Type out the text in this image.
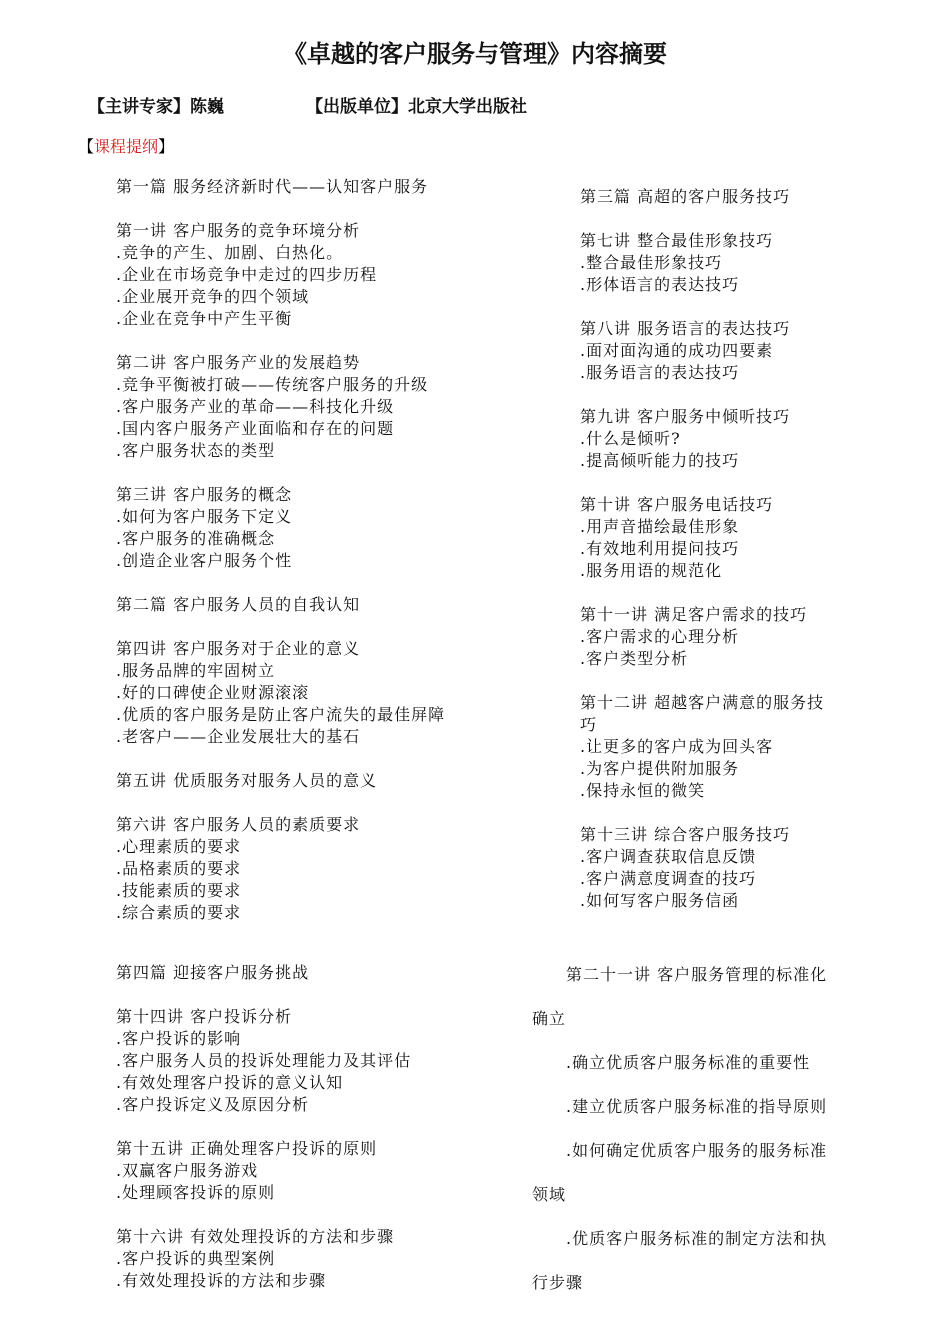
《卓越的客户服务与管理》内容摘要
【主讲专家】陈巍	【出版单位】北京大学出版社
【课程提纲】
第一篇 服务经济新时代——认知客户服务
第一讲 客户服务的竞争环境分析
.竞争的产生、加剧、白热化。
.企业在市场竞争中走过的四步历程
.企业展开竞争的四个领域
.企业在竞争中产生平衡
第二讲 客户服务产业的发展趋势
.竞争平衡被打破——传统客户服务的升级
.客户服务产业的革命——科技化升级
.国内客户服务产业面临和存在的问题
.客户服务状态的类型
第三讲 客户服务的概念
.如何为客户服务下定义
.客户服务的准确概念
.创造企业客户服务个性
第二篇 客户服务人员的自我认知
第四讲 客户服务对于企业的意义
.服务品牌的牢固树立
.好的口碑使企业财源滚滚
.优质的客户服务是防止客户流失的最佳屏障
.老客户——企业发展壮大的基石
第五讲 优质服务对服务人员的意义
第六讲 客户服务人员的素质要求
.心理素质的要求
.品格素质的要求
.技能素质的要求
.综合素质的要求
第三篇 高超的客户服务技巧
第七讲 整合最佳形象技巧
.整合最佳形象技巧
.形体语言的表达技巧
第八讲 服务语言的表达技巧
.面对面沟通的成功四要素
.服务语言的表达技巧
第九讲 客户服务中倾听技巧
.什么是倾听?
.提高倾听能力的技巧
第十讲 客户服务电话技巧
.用声音描绘最佳形象
.有效地利用提问技巧
.服务用语的规范化
第十一讲 满足客户需求的技巧
.客户需求的心理分析
.客户类型分析
第十二讲 超越客户满意的服务技
巧
.让更多的客户成为回头客
.为客户提供附加服务
.保持永恒的微笑
第十三讲 综合客户服务技巧
.客户调查获取信息反馈
.客户满意度调查的技巧
.如何写客户服务信函
第四篇 迎接客户服务挑战
第十四讲 客户投诉分析
.客户投诉的影响
.客户服务人员的投诉处理能力及其评估
.有效处理客户投诉的意义认知
.客户投诉定义及原因分析
第十五讲 正确处理客户投诉的原则
.双赢客户服务游戏
.处理顾客投诉的原则
第十六讲 有效处理投诉的方法和步骤
.客户投诉的典型案例
.有效处理投诉的方法和步骤
第二十一讲 客户服务管理的标准化
确立
.确立优质客户服务标准的重要性
.建立优质客户服务标准的指导原则
.如何确定优质客户服务的服务标准
领域
.优质客户服务标准的制定方法和执
行步骤
